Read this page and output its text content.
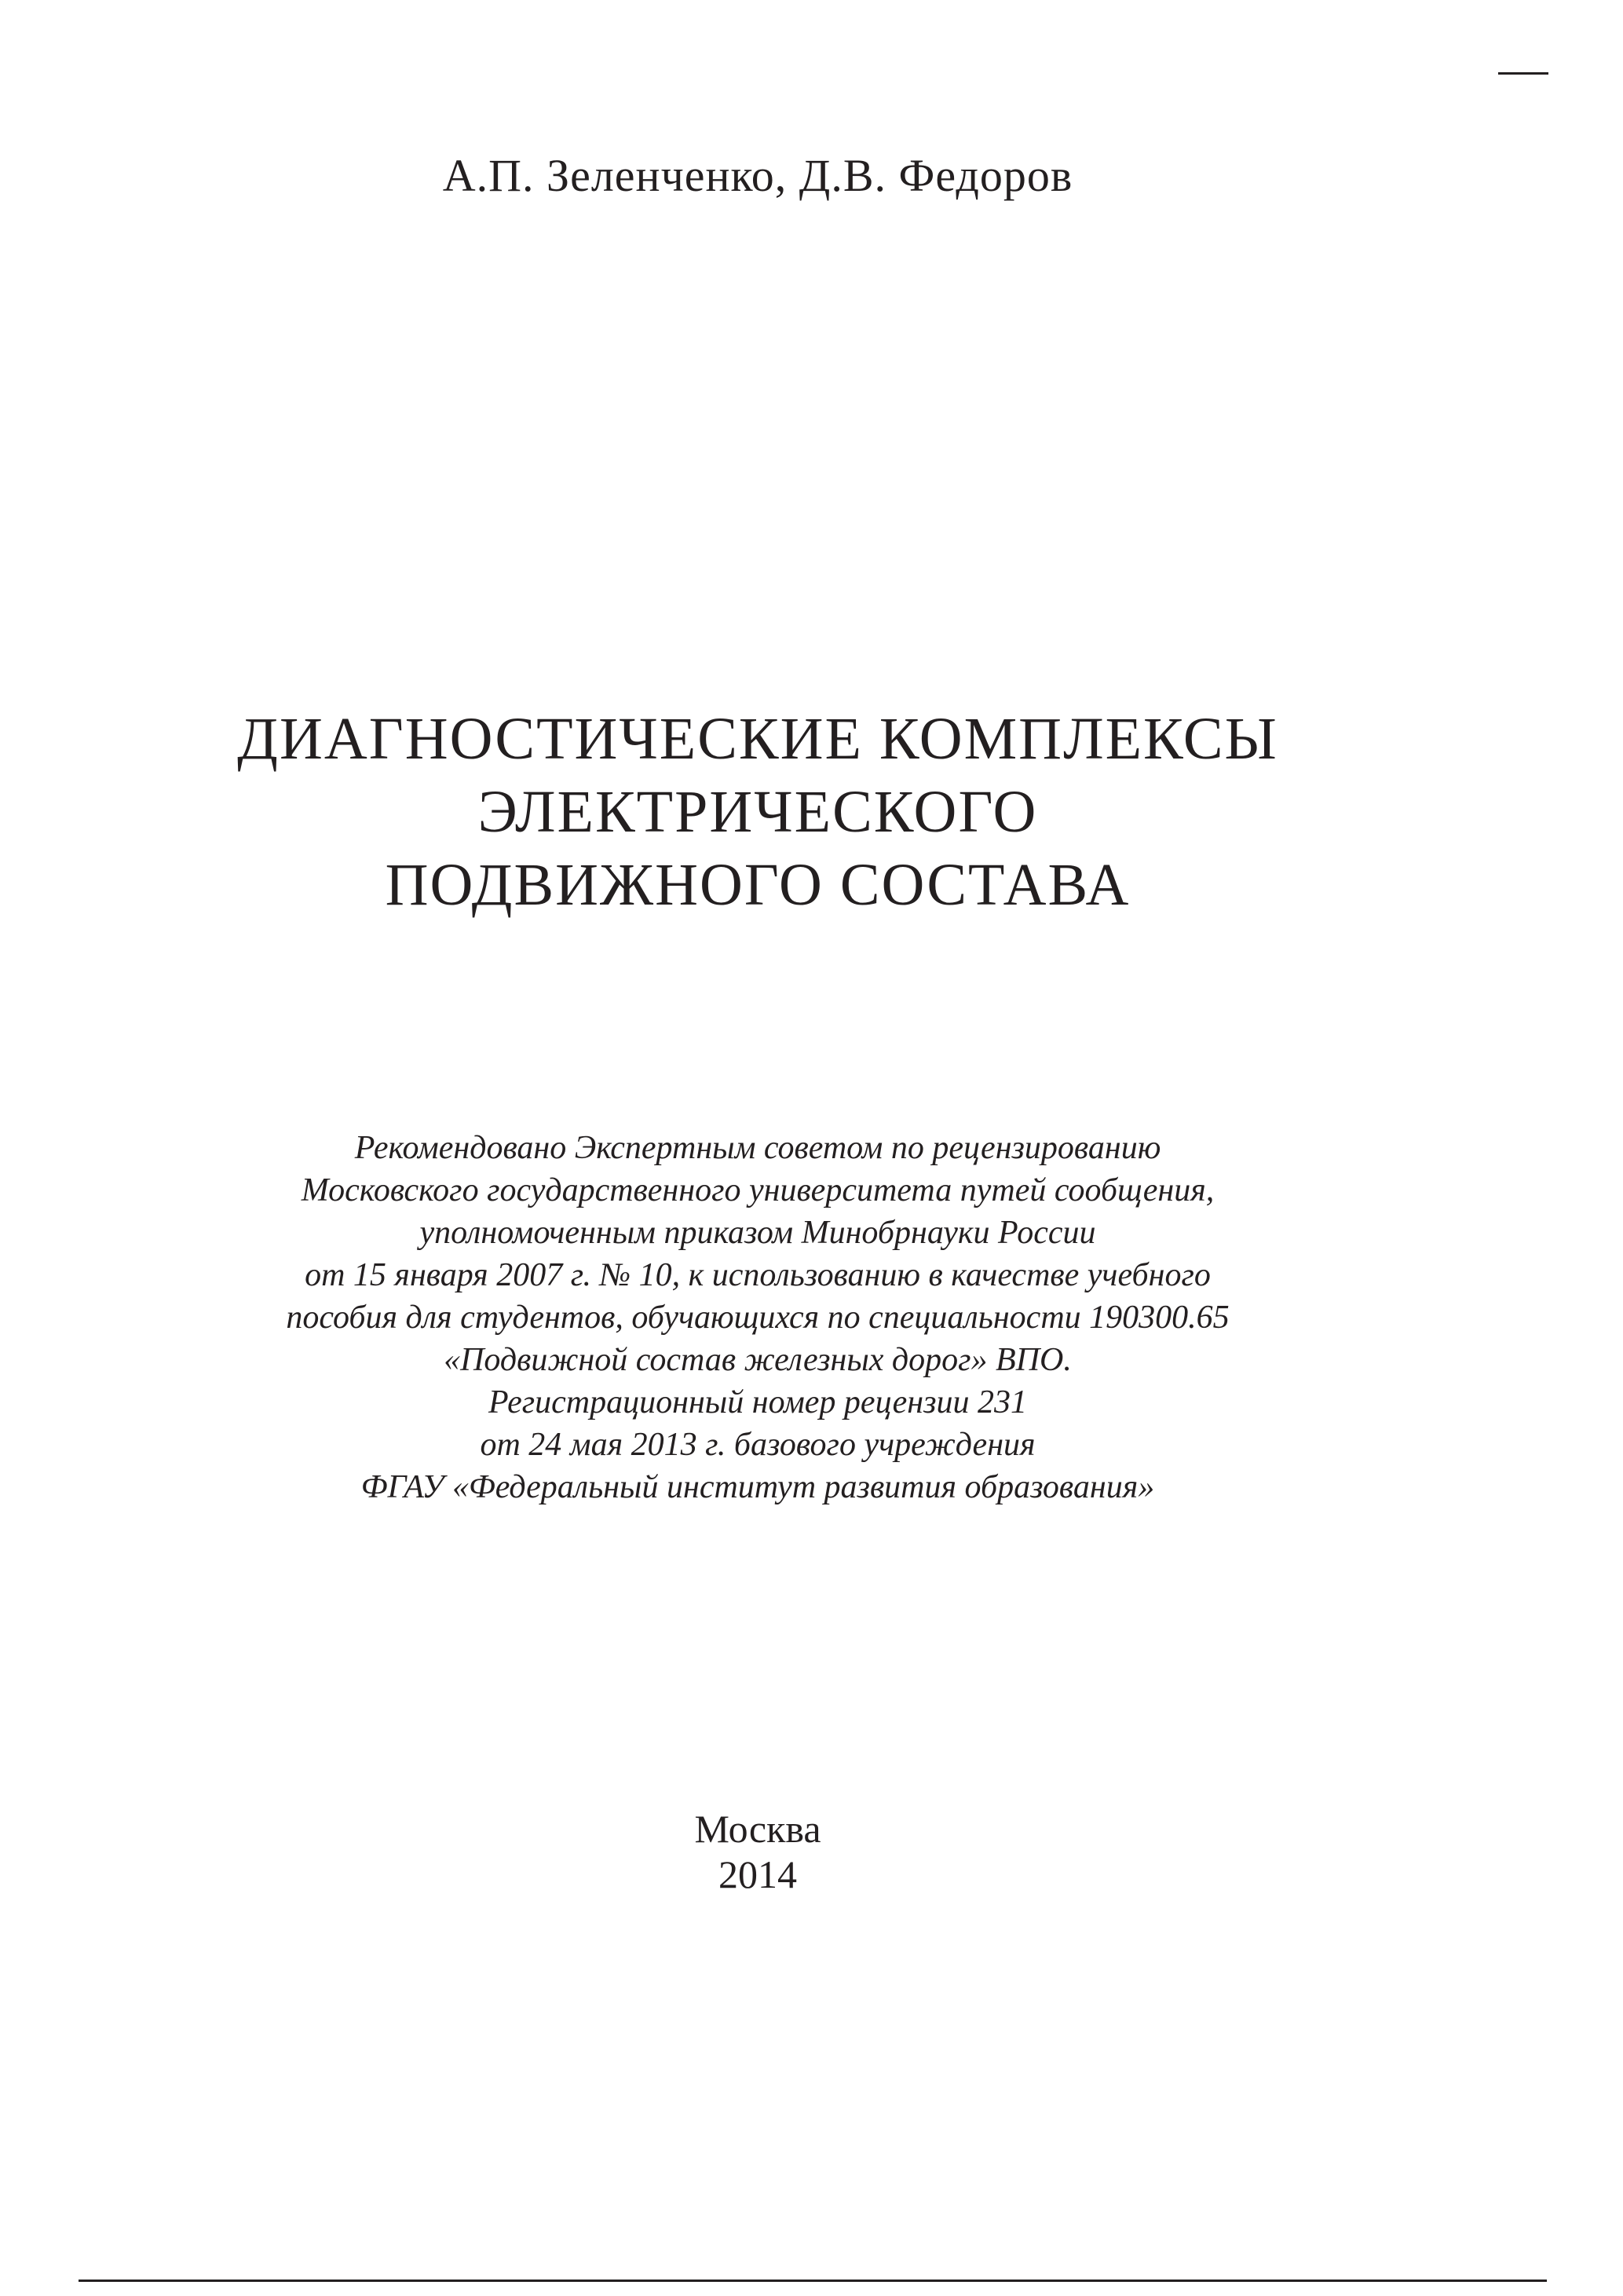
А.П. Зеленченко, Д.В. Федоров
ДИАГНОСТИЧЕСКИЕ КОМПЛЕКСЫ
ЭЛЕКТРИЧЕСКОГО
ПОДВИЖНОГО СОСТАВА
Рекомендовано Экспертным советом по рецензированию
Московского государственного университета путей сообщения,
уполномоченным приказом Минобрнауки России
от 15 января 2007 г. № 10, к использованию в качестве учебного
пособия для студентов, обучающихся по специальности 190300.65
«Подвижной состав железных дорог» ВПО.
Регистрационный номер рецензии 231
от 24 мая 2013 г. базового учреждения
ФГАУ «Федеральный институт развития образования»
Москва
2014
